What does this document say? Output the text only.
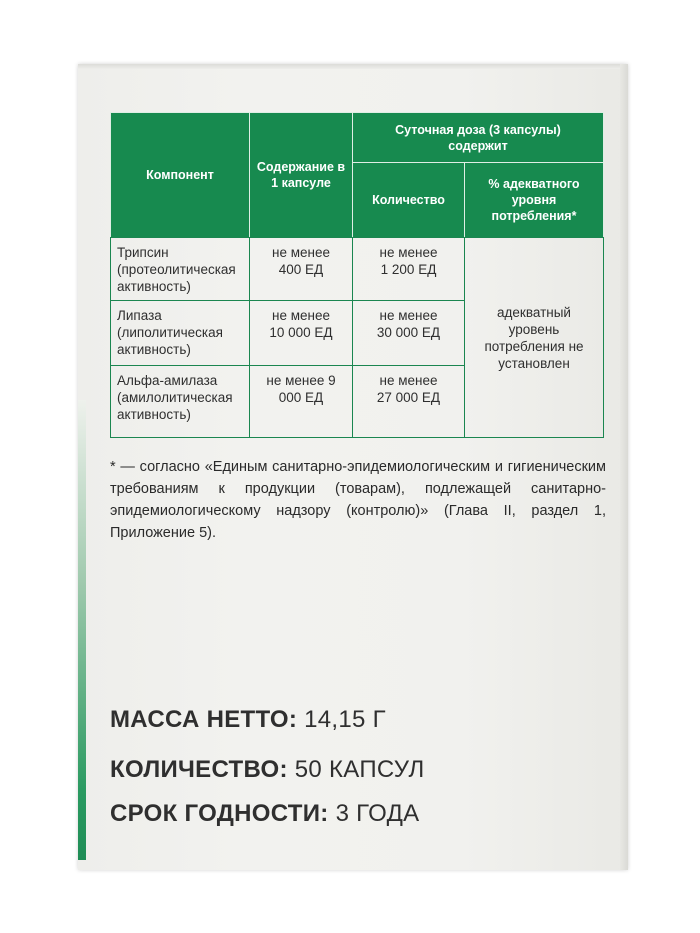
Компонент
Содержание в 1 капсуле
Суточная доза (3 капсулы) содержит
Количество
% адекватного уровня потребления*
Трипсин (протеолитическая активность)
не менее 400 ЕД
не менее 1 200 ЕД
Липаза (липолитическая активность)
не менее 10 000 ЕД
не менее 30 000 ЕД
Альфа-амилаза (амилолитическая активность)
не менее 9 000 ЕД
не менее 27 000 ЕД
адекватный уровень потребления не установлен

* — согласно «Единым санитарно-эпидемиологическим и гигиеническим требованиям к продукции (товарам), подлежащей санитарно-эпидемиологическому надзору (контролю)» (Глава II, раздел 1, Приложение 5).

МАССА НЕТТО: 14,15 Г
КОЛИЧЕСТВО: 50 КАПСУЛ
СРОК ГОДНОСТИ: 3 ГОДА
